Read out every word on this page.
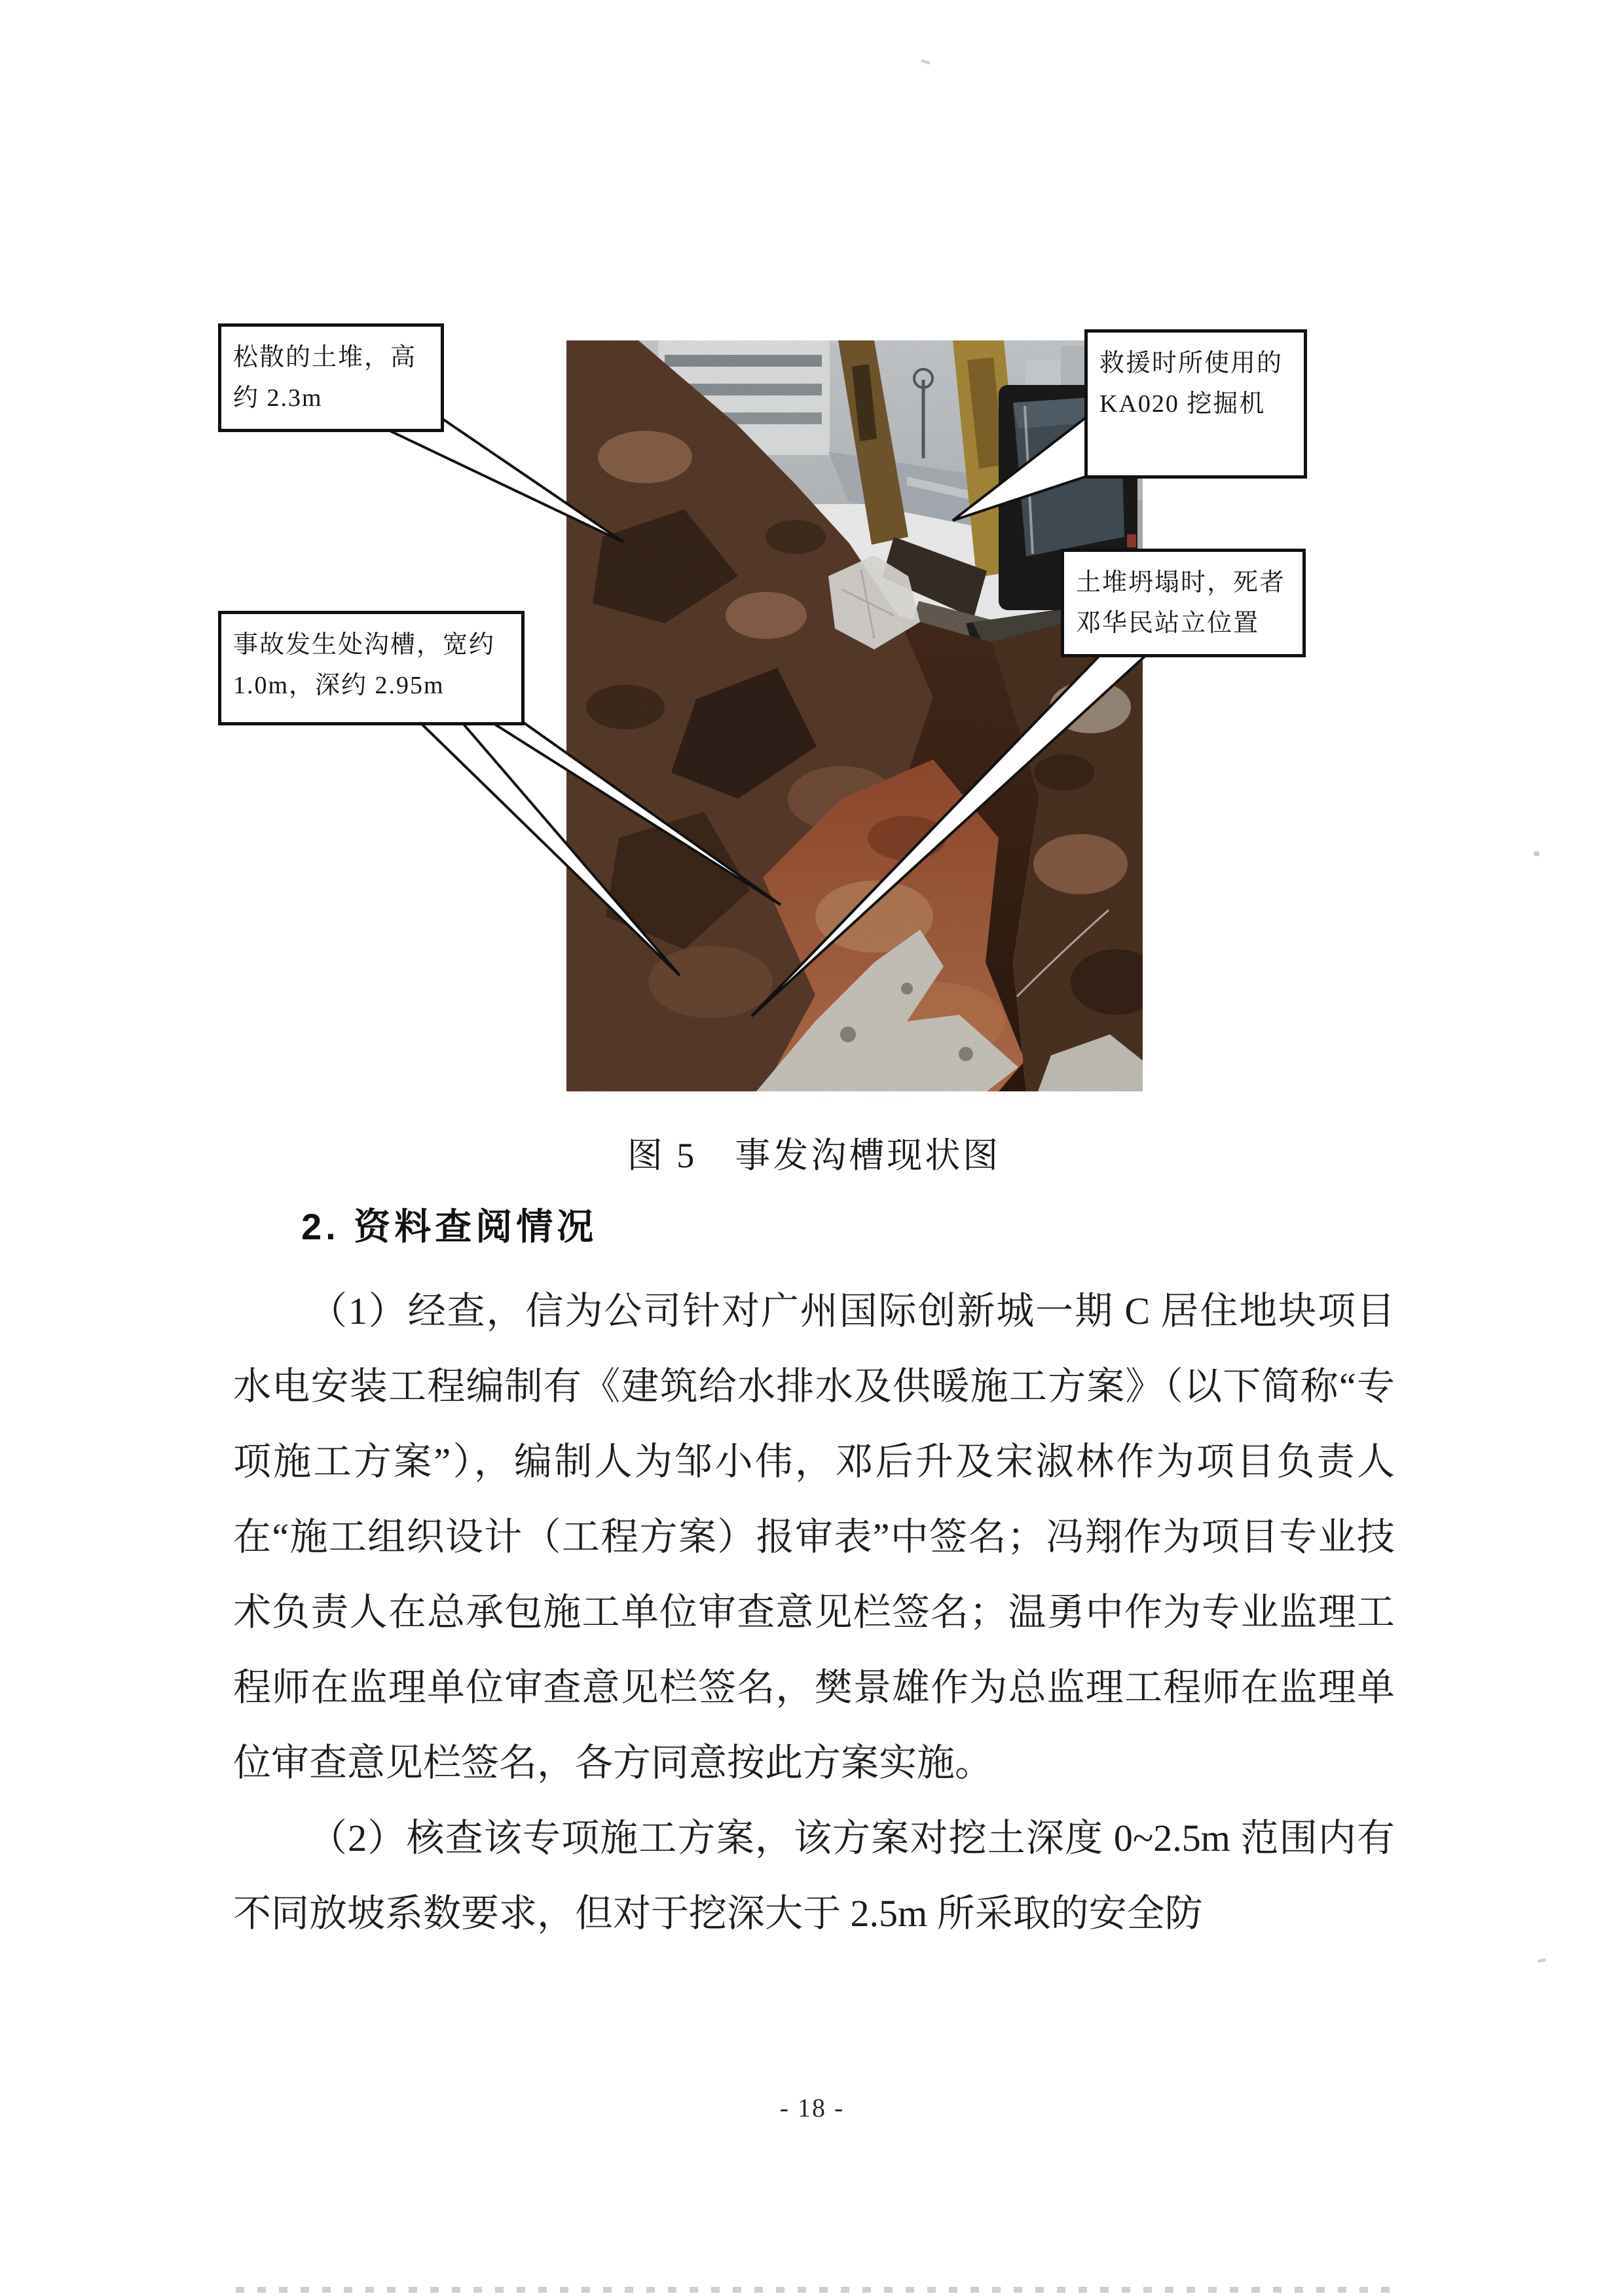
松散的土堆，高约 2.3m
救援时所使用的 KA020 挖掘机
土堆坍塌时，死者邓华民站立位置
事故发生处沟槽，宽约 1.0m，深约 2.95m
图 5　事发沟槽现状图
2. 资料查阅情况

（1）经查，信为公司针对广州国际创新城一期 C 居住地块项目水电安装工程编制有《建筑给水排水及供暖施工方案》（以下简称“专项施工方案”），编制人为邹小伟，邓后升及宋淑林作为项目负责人在“施工组织设计（工程方案）报审表”中签名；冯翔作为项目专业技术负责人在总承包施工单位审查意见栏签名；温勇中作为专业监理工程师在监理单位审查意见栏签名，樊景雄作为总监理工程师在监理单位审查意见栏签名，各方同意按此方案实施。

（2）核查该专项施工方案，该方案对挖土深度 0~2.5m 范围内有不同放坡系数要求，但对于挖深大于 2.5m 所采取的安全防

- 18 -
